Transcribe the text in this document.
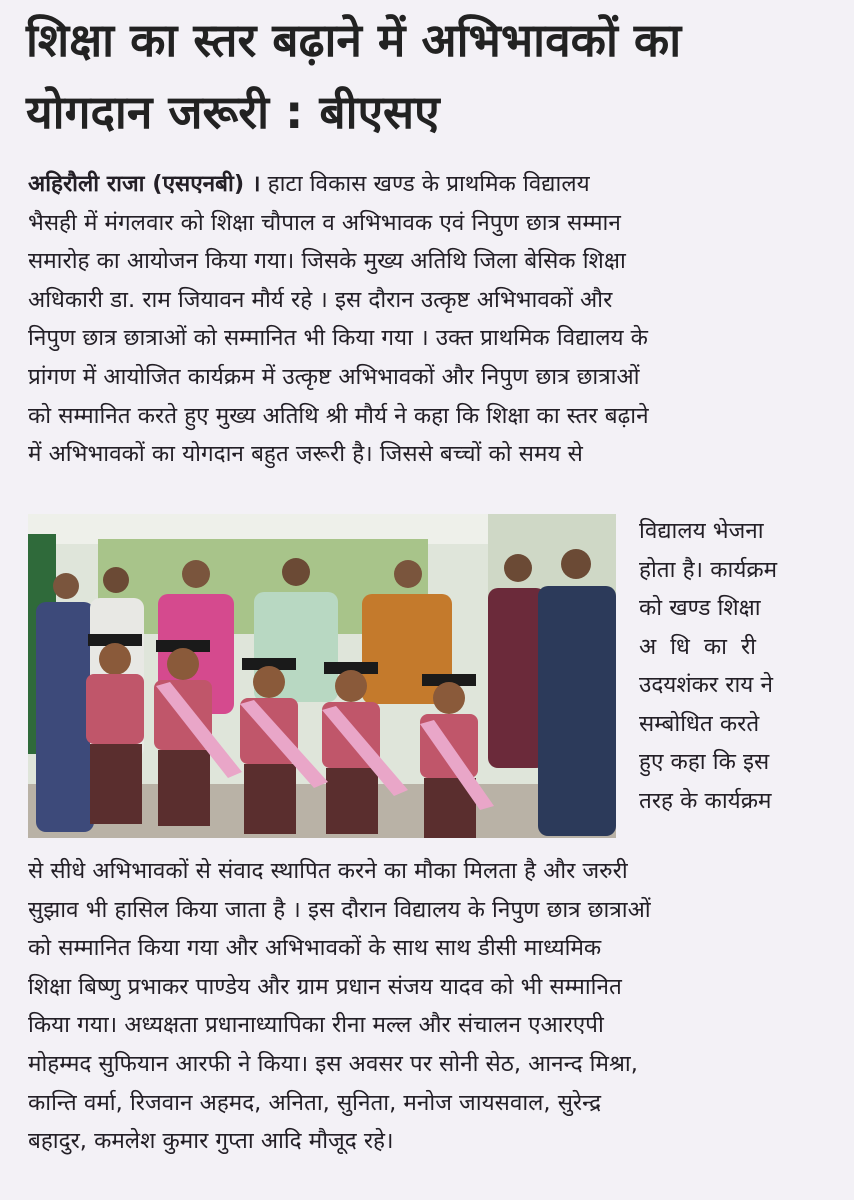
शिक्षा का स्तर बढ़ाने में अभिभावकों का
योगदान जरूरी : बीएसए
अहिरौली राजा (एसएनबी) । हाटा विकास खण्ड के प्राथमिक विद्यालय
भैसही में मंगलवार को शिक्षा चौपाल व अभिभावक एवं निपुण छात्र सम्मान
समारोह का आयोजन किया गया। जिसके मुख्य अतिथि जिला बेसिक शिक्षा
अधिकारी डा. राम जियावन मौर्य रहे । इस दौरान उत्कृष्ट अभिभावकों और
निपुण छात्र छात्राओं को सम्मानित भी किया गया । उक्त प्राथमिक विद्यालय के
प्रांगण में आयोजित कार्यक्रम में उत्कृष्ट अभिभावकों और निपुण छात्र छात्राओं
को सम्मानित करते हुए मुख्य अतिथि श्री मौर्य ने कहा कि शिक्षा का स्तर बढ़ाने
में अभिभावकों का योगदान बहुत जरूरी है। जिससे बच्चों को समय से
विद्यालय भेजना
होता है। कार्यक्रम
को खण्ड शिक्षा
अधिकारी
उदयशंकर राय ने
सम्बोधित करते
हुए कहा कि इस
तरह के कार्यक्रम
से सीधे अभिभावकों से संवाद स्थापित करने का मौका मिलता है और जरुरी
सुझाव भी हासिल किया जाता है । इस दौरान विद्यालय के निपुण छात्र छात्राओं
को सम्मानित किया गया और अभिभावकों के साथ साथ डीसी माध्यमिक
शिक्षा बिष्णु प्रभाकर पाण्डेय और ग्राम प्रधान संजय यादव को भी सम्मानित
किया गया। अध्यक्षता प्रधानाध्यापिका रीना मल्ल और संचालन एआरएपी
मोहम्मद सुफियान आरफी ने किया। इस अवसर पर सोनी सेठ, आनन्द मिश्रा,
कान्ति वर्मा, रिजवान अहमद, अनिता, सुनिता, मनोज जायसवाल, सुरेन्द्र
बहादुर, कमलेश कुमार गुप्ता आदि मौजूद रहे।
